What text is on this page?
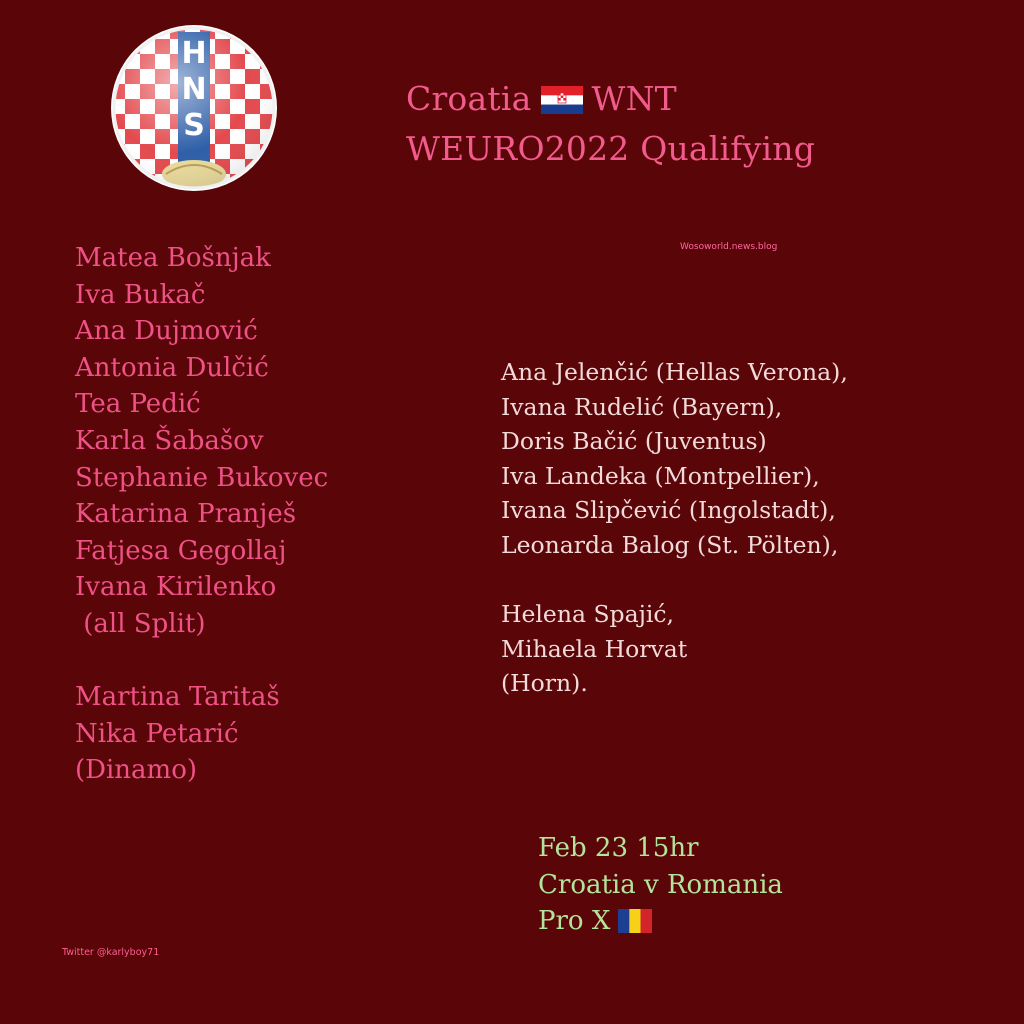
H
N
S
Croatia WNT
WEURO2022 Qualifying
Wosoworld.news.blog
Matea Bošnjak
Iva Bukač
Ana Dujmović
Antonia Dulčić
Tea Pedić
Karla Šabašov
Stephanie Bukovec
Katarina Pranješ
Fatjesa Gegollaj
Ivana Kirilenko
(all Split)
Martina Taritaš
Nika Petarić
(Dinamo)
Ana Jelenčić (Hellas Verona),
Ivana Rudelić (Bayern),
Doris Bačić (Juventus)
Iva Landeka (Montpellier),
Ivana Slipčević (Ingolstadt),
Leonarda Balog (St. Pölten),
Helena Spajić,
Mihaela Horvat
(Horn).
Feb 23 15hr
Croatia v Romania
Pro X
Twitter @karlyboy71
